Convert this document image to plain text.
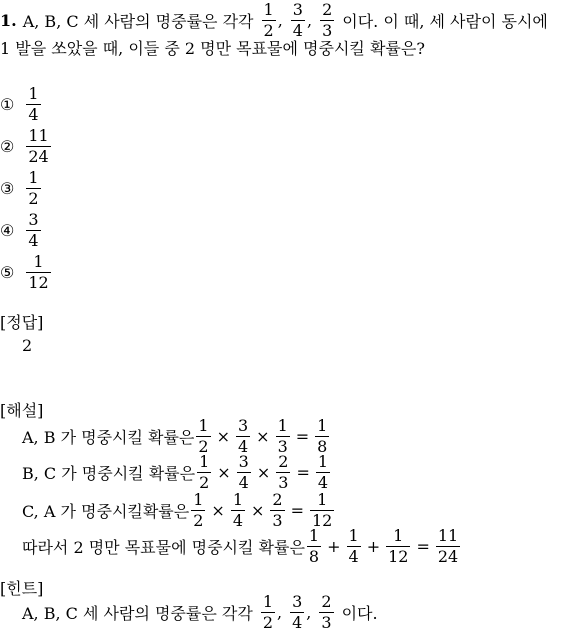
1. A, B, C 세 사람의 명중률은 각각 $\frac{1}{2}$ , $\frac{3}{4}$ , $\frac{2}{3}$ 이다. 이 때, 세 사람이 동시에
1 발을 쏘았을 때, 이들 중 2 명만 목표물에 명중시킬 확률은?
① $\frac{1}{4}$
② $\frac{11}{24}$
③ $\frac{1}{2}$
④ $\frac{3}{4}$
⑤ $\frac{1}{12}$
[정답]
2
[해설]
A, B 가 명중시킬 확률은 $\frac{1}{2} \times \frac{3}{4} \times \frac{1}{3} = \frac{1}{8}$
B, C 가 명중시킬 확률은 $\frac{1}{2} \times \frac{3}{4} \times \frac{2}{3} = \frac{1}{4}$
C, A 가 명중시킬확률은 $\frac{1}{2} \times \frac{1}{4} \times \frac{2}{3} = \frac{1}{12}$
따라서 2 명만 목표물에 명중시킬 확률은 $\frac{1}{8} + \frac{1}{4} + \frac{1}{12} = \frac{11}{24}$
[힌트]
A, B, C 세 사람의 명중률은 각각 $\frac{1}{2}$ , $\frac{3}{4}$ , $\frac{2}{3}$ 이다.
